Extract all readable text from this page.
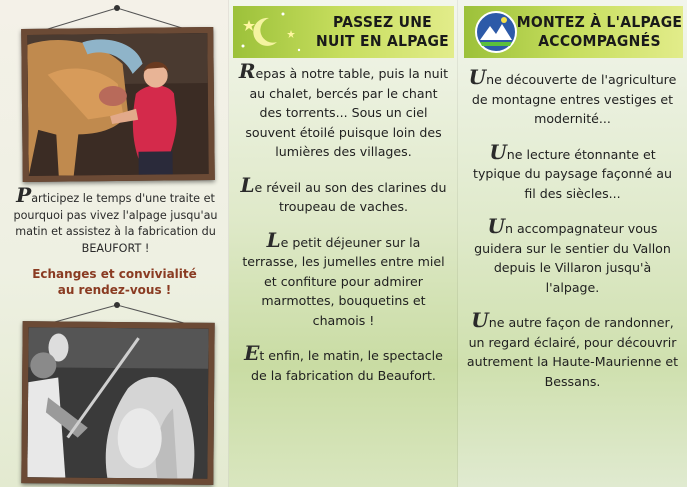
Participez le temps d'une traite et pourquoi pas vivez l'alpage jusqu'au matin et assistez à la fabrication du BEAUFORT !
Echanges et convivialité
au rendez-vous !
PASSEZ UNE
NUIT EN ALPAGE

Repas à notre table, puis la nuit au chalet, bercés par le chant des torrents... Sous un ciel souvent étoilé puisque loin des lumières des villages.

Le réveil au son des clarines du troupeau de vaches.

Le petit déjeuner sur la terrasse, les jumelles entre miel et confiture pour admirer marmottes, bouquetins et chamois !

Et enfin, le matin, le spectacle de la fabrication du Beaufort.

MONTEZ À L'ALPAGE
ACCOMPAGNÉS

Une découverte de l'agriculture de montagne entres vestiges et modernité...

Une lecture étonnante et typique du paysage façonné au fil des siècles...

Un accompagnateur vous guidera sur le sentier du Vallon depuis le Villaron jusqu'à l'alpage.

Une autre façon de randonner, un regard éclairé, pour découvrir autrement la Haute-Maurienne et Bessans.
